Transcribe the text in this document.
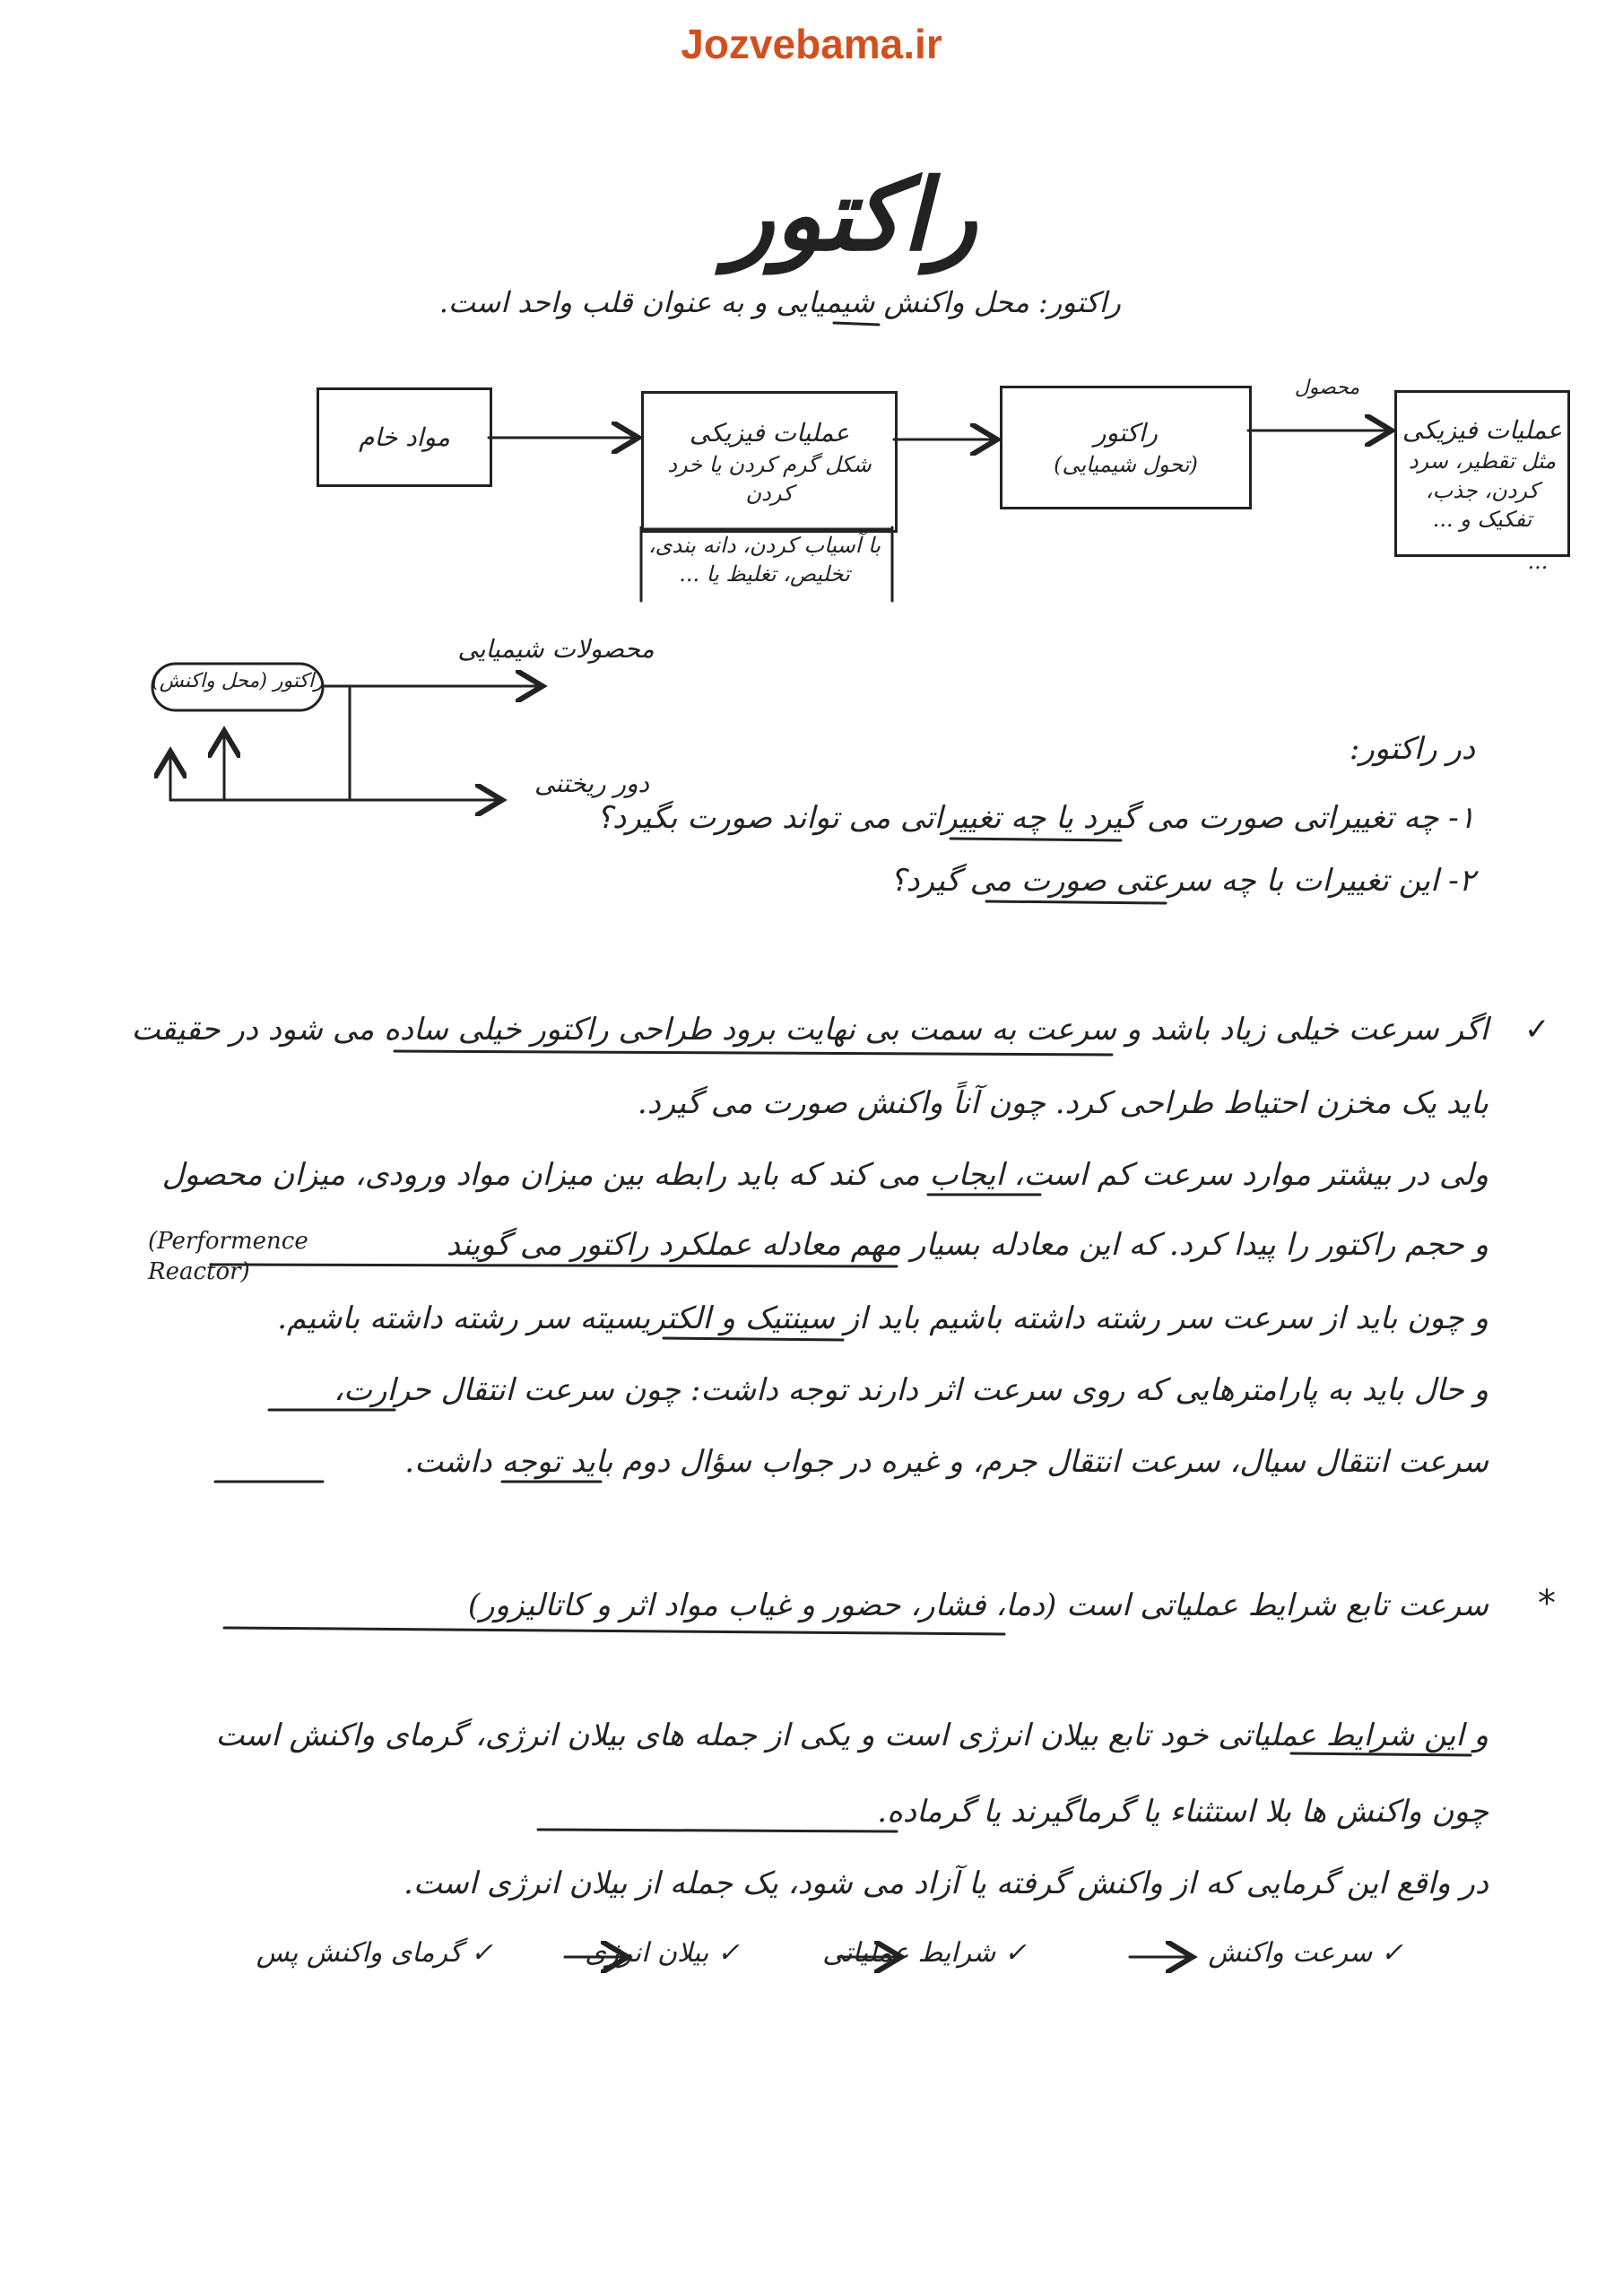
Jozvebama.ir
راکتور
راکتور: محل واکنش شیمیایی و به عنوان قلب واحد است.
مواد خام	عملیات فیزیکی
شکل گرم کردن یا خرد کردن
با آسیاب کردن، دانه بندی، تخلیص، تغلیظ یا ...
راکتور
(تحول شیمیایی)
محصول
عملیات فیزیکی
مثل تقطیر، سرد کردن، جذب، تفکیک و ...
...
راکتور (محل واکنش)
محصولات شیمیایی
دور ریختنی
در راکتور:
۱- چه تغییراتی صورت می گیرد یا چه تغییراتی می تواند صورت بگیرد؟
۲- این تغییرات با چه سرعتی صورت می گیرد؟
✓
اگر سرعت خیلی زیاد باشد و سرعت به سمت بی نهایت برود طراحی راکتور خیلی ساده می شود در حقیقت
باید یک مخزن احتیاط طراحی کرد. چون آناً واکنش صورت می گیرد.
ولی در بیشتر موارد سرعت کم است، ایجاب می کند که باید رابطه بین میزان مواد ورودی، میزان محصول
و حجم راکتور را پیدا کرد. که این معادله بسیار مهم معادله عملکرد راکتور می گویند
(Performence Reactor)
و چون باید از سرعت سر رشته داشته باشیم باید از سینتیک و الکتریسیته سر رشته داشته باشیم.
و حال باید به پارامترهایی که روی سرعت اثر دارند توجه داشت: چون سرعت انتقال حرارت،
سرعت انتقال سیال، سرعت انتقال جرم، و غیره در جواب سؤال دوم باید توجه داشت.
*
سرعت تابع شرایط عملیاتی است (دما، فشار، حضور و غیاب مواد اثر و کاتالیزور)
و این شرایط عملیاتی خود تابع بیلان انرژی است و یکی از جمله های بیلان انرژی، گرمای واکنش است
چون واکنش ها بلا استثناء یا گرماگیرند یا گرماده.
در واقع این گرمایی که از واکنش گرفته یا آزاد می شود، یک جمله از بیلان انرژی است.
✓ سرعت واکنش
✓ شرایط عملیاتی
✓ بیلان انرژی
✓ گرمای واکنش پس
